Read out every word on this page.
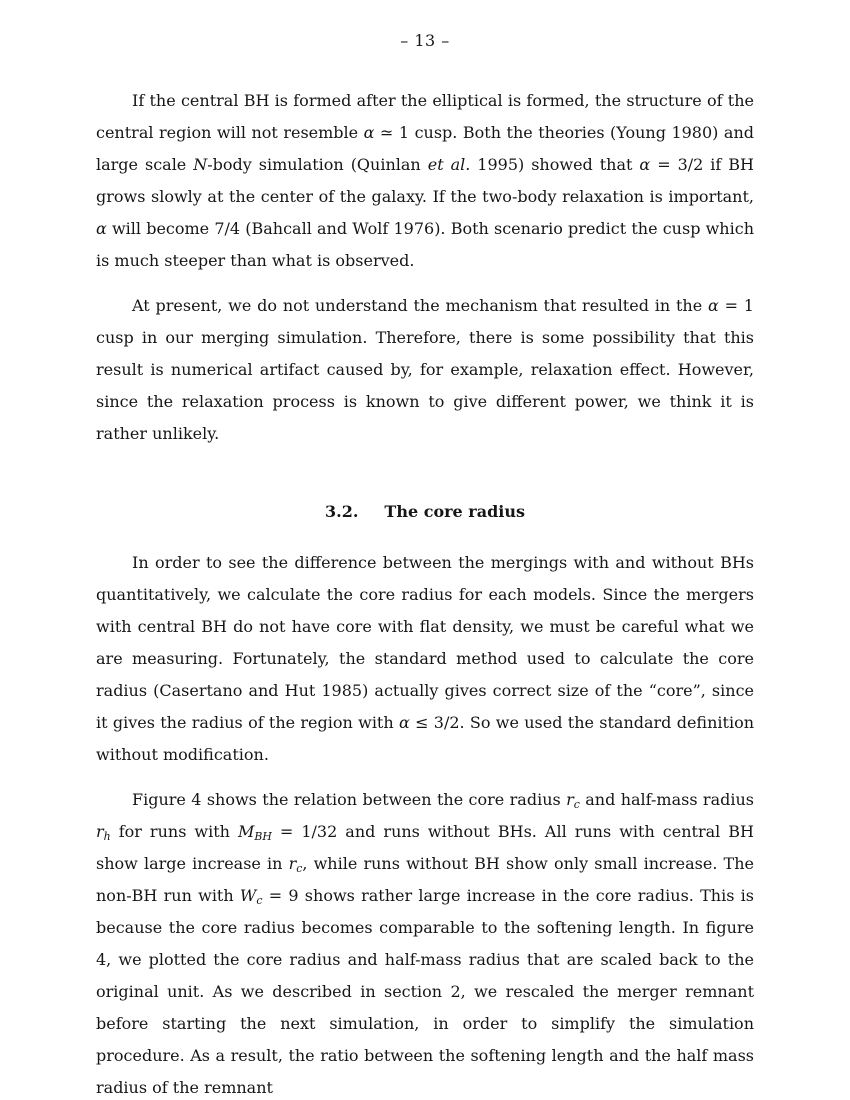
– 13 –

If the central BH is formed after the elliptical is formed, the structure of the central region will not resemble α ≃ 1 cusp. Both the theories (Young 1980) and large scale N-body simulation (Quinlan et al. 1995) showed that α = 3/2 if BH grows slowly at the center of the galaxy. If the two-body relaxation is important, α will become 7/4 (Bahcall and Wolf 1976). Both scenario predict the cusp which is much steeper than what is observed.

At present, we do not understand the mechanism that resulted in the α = 1 cusp in our merging simulation. Therefore, there is some possibility that this result is numerical artifact caused by, for example, relaxation effect. However, since the relaxation process is known to give different power, we think it is rather unlikely.

3.2. The core radius

In order to see the difference between the mergings with and without BHs quantitatively, we calculate the core radius for each models. Since the mergers with central BH do not have core with flat density, we must be careful what we are measuring. Fortunately, the standard method used to calculate the core radius (Casertano and Hut 1985) actually gives correct size of the “core”, since it gives the radius of the region with α ≤ 3/2. So we used the standard definition without modification.

Figure 4 shows the relation between the core radius rc and half-mass radius rh for runs with MBH = 1/32 and runs without BHs. All runs with central BH show large increase in rc, while runs without BH show only small increase. The non-BH run with Wc = 9 shows rather large increase in the core radius. This is because the core radius becomes comparable to the softening length. In figure 4, we plotted the core radius and half-mass radius that are scaled back to the original unit. As we described in section 2, we rescaled the merger remnant before starting the next simulation, in order to simplify the simulation procedure. As a result, the ratio between the softening length and the half mass radius of the remnant
